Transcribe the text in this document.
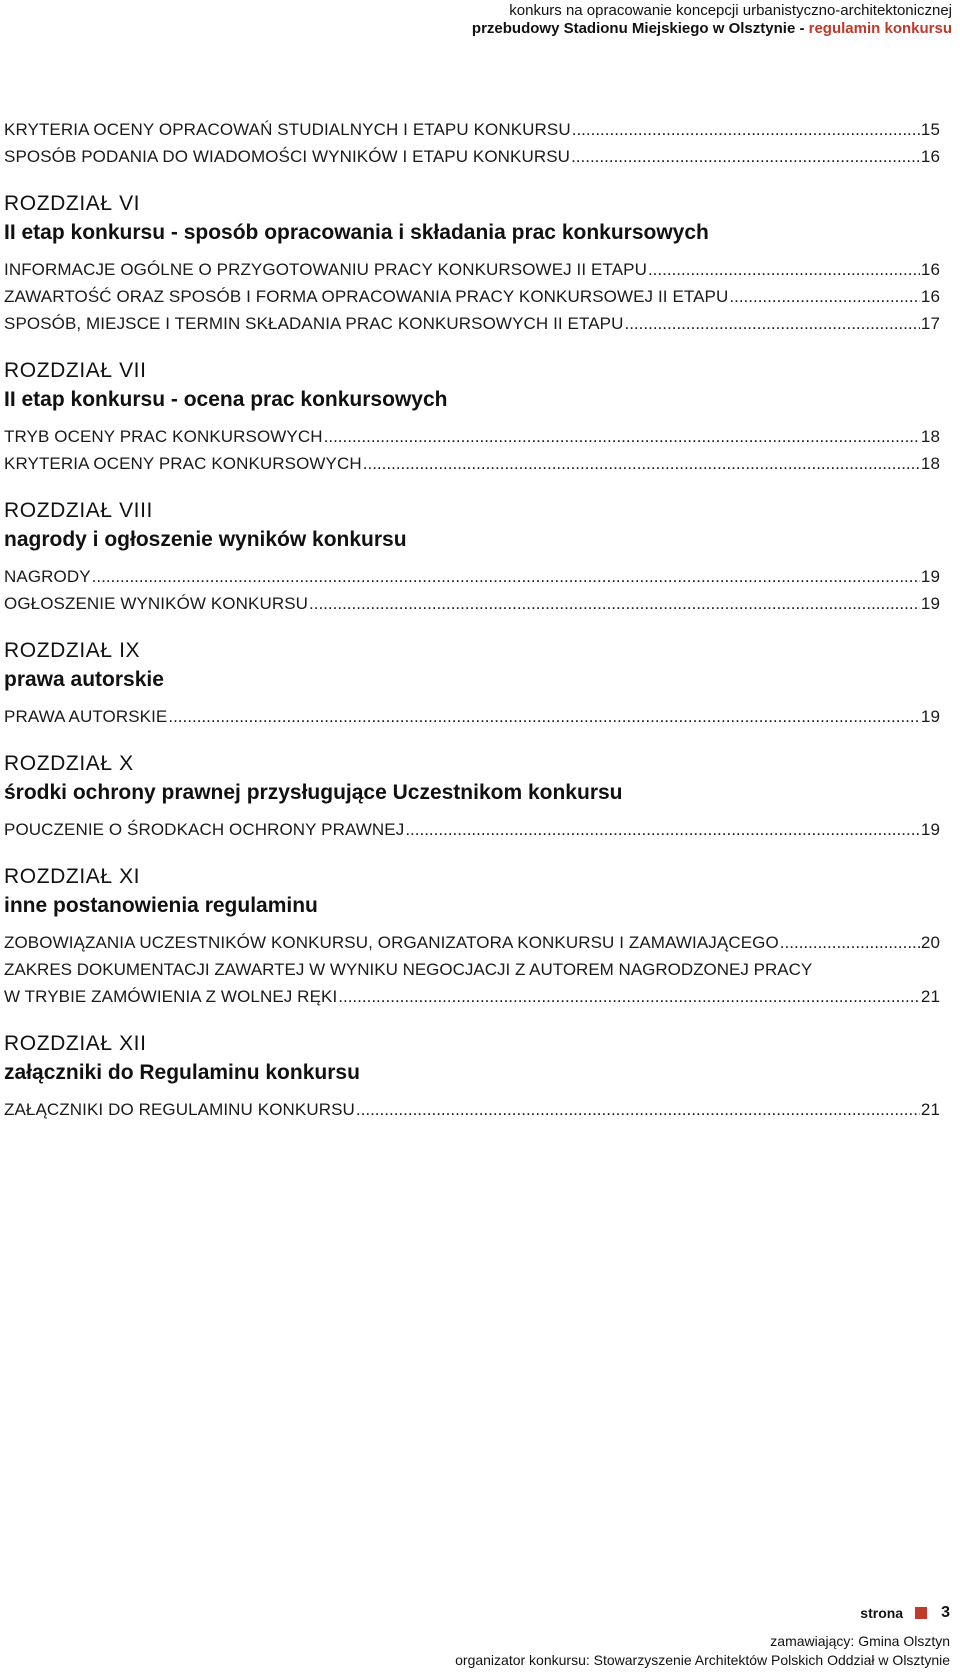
konkurs na opracowanie koncepcji urbanistyczno-architektonicznej
przebudowy Stadionu Miejskiego w Olsztynie - regulamin konkursu
KRYTERIA OCENY OPRACOWAŃ STUDIALNYCH I ETAPU KONKURSU .....	15
SPOSÓB PODANIA DO WIADOMOŚCI WYNIKÓW I ETAPU KONKURSU .....	16
ROZDZIAŁ VI
II etap konkursu - sposób opracowania i składania prac konkursowych
INFORMACJE OGÓLNE O PRZYGOTOWANIU PRACY KONKURSOWEJ II ETAPU .....	16
ZAWARTOŚĆ ORAZ SPOSÓB I FORMA OPRACOWANIA PRACY KONKURSOWEJ II ETAPU .....	16
SPOSÓB, MIEJSCE I TERMIN SKŁADANIA PRAC KONKURSOWYCH II ETAPU .....	17
ROZDZIAŁ VII
II etap konkursu - ocena prac konkursowych
TRYB OCENY PRAC KONKURSOWYCH .....	18
KRYTERIA OCENY PRAC KONKURSOWYCH .....	18
ROZDZIAŁ VIII
nagrody i ogłoszenie wyników konkursu
NAGRODY .....	19
OGŁOSZENIE WYNIKÓW KONKURSU .....	19
ROZDZIAŁ IX
prawa autorskie
PRAWA AUTORSKIE .....	19
ROZDZIAŁ X
środki ochrony prawnej przysługujące Uczestnikom konkursu
POUCZENIE O ŚRODKACH OCHRONY PRAWNEJ .....	19
ROZDZIAŁ XI
inne postanowienia regulaminu
ZOBOWIĄZANIA UCZESTNIKÓW KONKURSU, ORGANIZATORA KONKURSU I ZAMAWIAJĄCEGO .....	20
ZAKRES DOKUMENTACJI ZAWARTEJ W WYNIKU NEGOCJACJI Z AUTOREM NAGRODZONEJ PRACY
W TRYBIE ZAMÓWIENIA Z WOLNEJ RĘKI .....	21
ROZDZIAŁ XII
załączniki do Regulaminu konkursu
ZAŁĄCZNIKI DO REGULAMINU KONKURSU .....	21
strona 3
zamawiający: Gmina Olsztyn
organizator konkursu: Stowarzyszenie Architektów Polskich Oddział w Olsztynie
